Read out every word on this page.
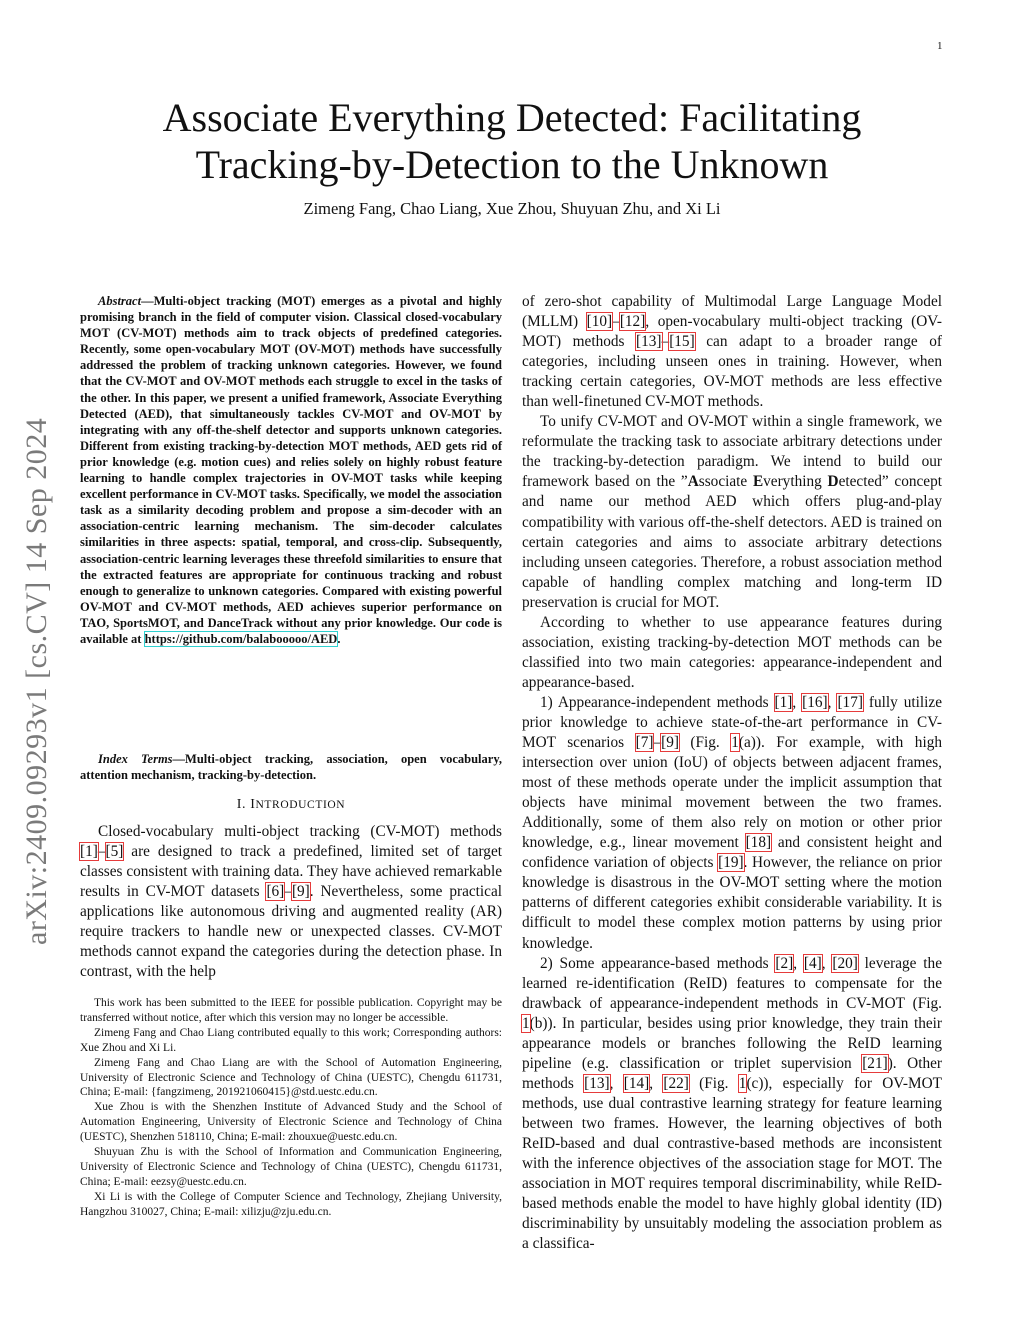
1
arXiv:2409.09293v1 [cs.CV] 14 Sep 2024
Associate Everything Detected: Facilitating
Tracking-by-Detection to the Unknown
Zimeng Fang, Chao Liang, Xue Zhou, Shuyuan Zhu, and Xi Li

Abstract—Multi-object tracking (MOT) emerges as a pivotal and highly promising branch in the field of computer vision. Classical closed-vocabulary MOT (CV-MOT) methods aim to track objects of predefined categories. Recently, some open-vocabulary MOT (OV-MOT) methods have successfully addressed the problem of tracking unknown categories. However, we found that the CV-MOT and OV-MOT methods each struggle to excel in the tasks of the other. In this paper, we present a unified framework, Associate Everything Detected (AED), that simultaneously tackles CV-MOT and OV-MOT by integrating with any off-the-shelf detector and supports unknown categories. Different from existing tracking-by-detection MOT methods, AED gets rid of prior knowledge (e.g. motion cues) and relies solely on highly robust feature learning to handle complex trajectories in OV-MOT tasks while keeping excellent performance in CV-MOT tasks. Specifically, we model the association task as a similarity decoding problem and propose a sim-decoder with an association-centric learning mechanism. The sim-decoder calculates similarities in three aspects: spatial, temporal, and cross-clip. Subsequently, association-centric learning leverages these threefold similarities to ensure that the extracted features are appropriate for continuous tracking and robust enough to generalize to unknown categories. Compared with existing powerful OV-MOT and CV-MOT methods, AED achieves superior performance on TAO, SportsMOT, and DanceTrack without any prior knowledge. Our code is available at https://github.com/balabooooo/AED.

Index Terms—Multi-object tracking, association, open vocabulary, attention mechanism, tracking-by-detection.

I. INTRODUCTION

Closed-vocabulary multi-object tracking (CV-MOT) methods [1]–[5] are designed to track a predefined, limited set of target classes consistent with training data. They have achieved remarkable results in CV-MOT datasets [6]–[9]. Nevertheless, some practical applications like autonomous driving and augmented reality (AR) require trackers to handle new or unexpected classes. CV-MOT methods cannot expand the categories during the detection phase. In contrast, with the help

This work has been submitted to the IEEE for possible publication. Copyright may be transferred without notice, after which this version may no longer be accessible.

Zimeng Fang and Chao Liang contributed equally to this work; Corresponding authors: Xue Zhou and Xi Li.

Zimeng Fang and Chao Liang are with the School of Automation Engineering, University of Electronic Science and Technology of China (UESTC), Chengdu 611731, China; E-mail: {fangzimeng, 201921060415}@std.uestc.edu.cn.

Xue Zhou is with the Shenzhen Institute of Advanced Study and the School of Automation Engineering, University of Electronic Science and Technology of China (UESTC), Shenzhen 518110, China; E-mail: zhouxue@uestc.edu.cn.

Shuyuan Zhu is with the School of Information and Communication Engineering, University of Electronic Science and Technology of China (UESTC), Chengdu 611731, China; E-mail: eezsy@uestc.edu.cn.

Xi Li is with the College of Computer Science and Technology, Zhejiang University, Hangzhou 310027, China; E-mail: xilizju@zju.edu.cn.

of zero-shot capability of Multimodal Large Language Model (MLLM) [10]–[12], open-vocabulary multi-object tracking (OV-MOT) methods [13]–[15] can adapt to a broader range of categories, including unseen ones in training. However, when tracking certain categories, OV-MOT methods are less effective than well-finetuned CV-MOT methods.

To unify CV-MOT and OV-MOT within a single framework, we reformulate the tracking task to associate arbitrary detections under the tracking-by-detection paradigm. We intend to build our framework based on the ”Associate Everything Detected” concept and name our method AED which offers plug-and-play compatibility with various off-the-shelf detectors. AED is trained on certain categories and aims to associate arbitrary detections including unseen categories. Therefore, a robust association method capable of handling complex matching and long-term ID preservation is crucial for MOT.

According to whether to use appearance features during association, existing tracking-by-detection MOT methods can be classified into two main categories: appearance-independent and appearance-based.

1) Appearance-independent methods [1], [16], [17] fully utilize prior knowledge to achieve state-of-the-art performance in CV-MOT scenarios [7]–[9] (Fig. 1(a)). For example, with high intersection over union (IoU) of objects between adjacent frames, most of these methods operate under the implicit assumption that objects have minimal movement between the two frames. Additionally, some of them also rely on motion or other prior knowledge, e.g., linear movement [18] and consistent height and confidence variation of objects [19]. However, the reliance on prior knowledge is disastrous in the OV-MOT setting where the motion patterns of different categories exhibit considerable variability. It is difficult to model these complex motion patterns by using prior knowledge.

2) Some appearance-based methods [2], [4], [20] leverage the learned re-identification (ReID) features to compensate for the drawback of appearance-independent methods in CV-MOT (Fig. 1(b)). In particular, besides using prior knowledge, they train their appearance models or branches following the ReID learning pipeline (e.g. classification or triplet supervision [21]). Other methods [13], [14], [22] (Fig. 1(c)), especially for OV-MOT methods, use dual contrastive learning strategy for feature learning between two frames. However, the learning objectives of both ReID-based and dual contrastive-based methods are inconsistent with the inference objectives of the association stage for MOT. The association in MOT requires temporal discriminability, while ReID-based methods enable the model to have highly global identity (ID) discriminability by unsuitably modeling the association problem as a classifica-
